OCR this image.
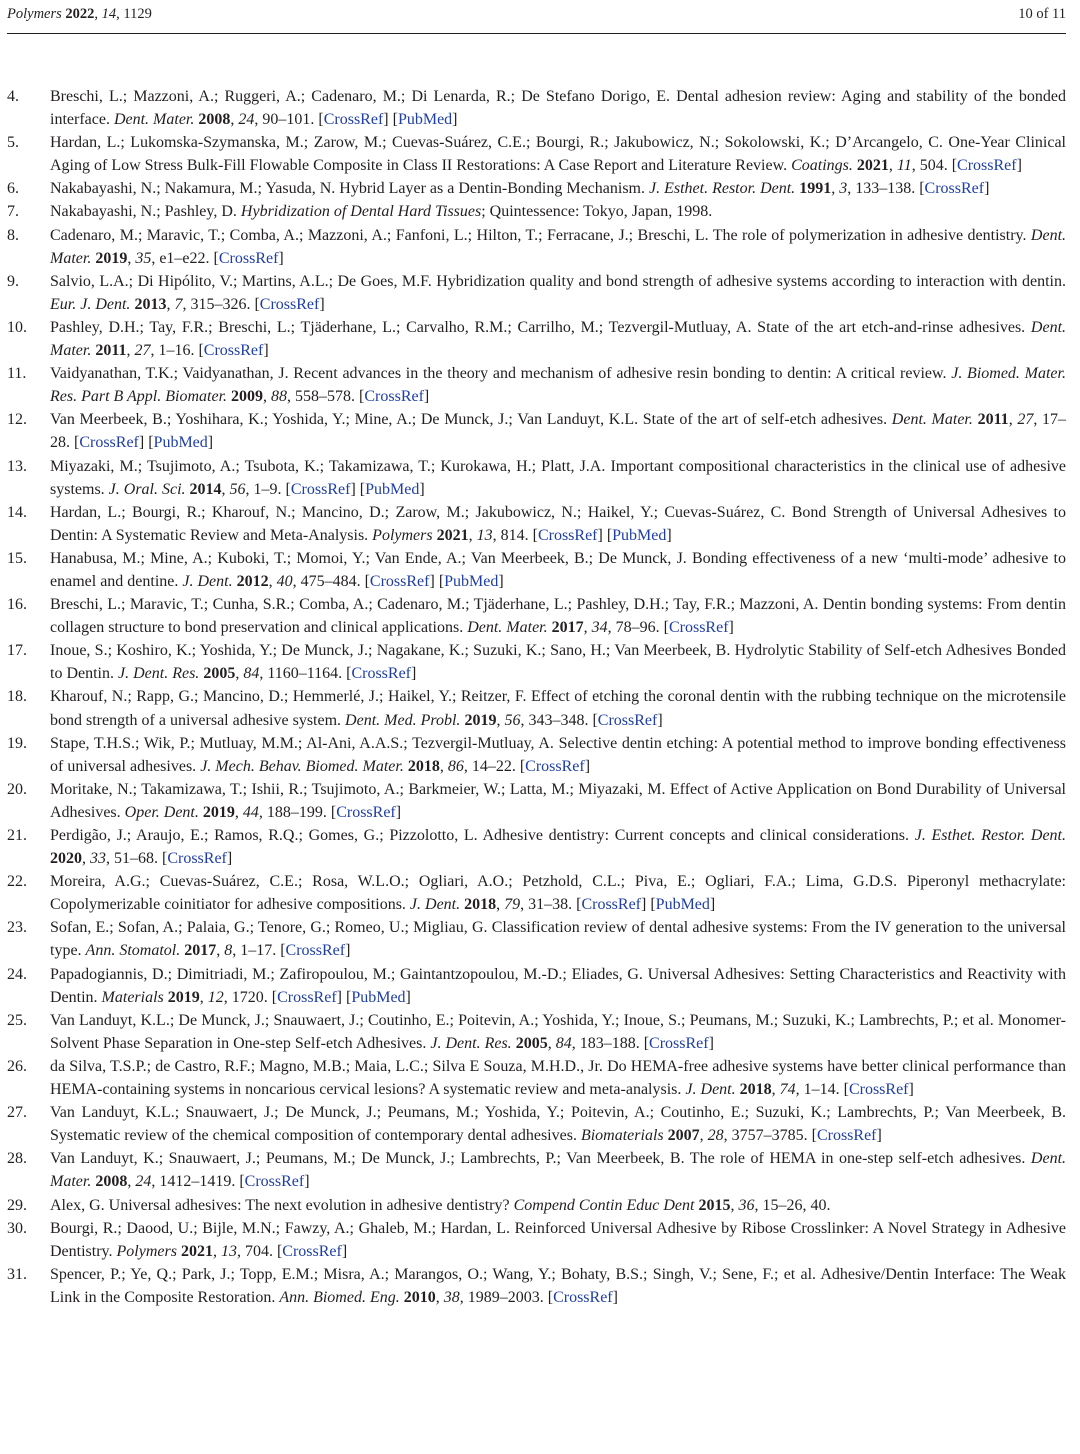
Polymers 2022, 14, 1129	10 of 11
4. Breschi, L.; Mazzoni, A.; Ruggeri, A.; Cadenaro, M.; Di Lenarda, R.; De Stefano Dorigo, E. Dental adhesion review: Aging and stability of the bonded interface. Dent. Mater. 2008, 24, 90–101. [CrossRef] [PubMed]
5. Hardan, L.; Lukomska-Szymanska, M.; Zarow, M.; Cuevas-Suárez, C.E.; Bourgi, R.; Jakubowicz, N.; Sokolowski, K.; D’Arcangelo, C. One-Year Clinical Aging of Low Stress Bulk-Fill Flowable Composite in Class II Restorations: A Case Report and Literature Review. Coatings. 2021, 11, 504. [CrossRef]
6. Nakabayashi, N.; Nakamura, M.; Yasuda, N. Hybrid Layer as a Dentin-Bonding Mechanism. J. Esthet. Restor. Dent. 1991, 3, 133–138. [CrossRef]
7. Nakabayashi, N.; Pashley, D. Hybridization of Dental Hard Tissues; Quintessence: Tokyo, Japan, 1998.
8. Cadenaro, M.; Maravic, T.; Comba, A.; Mazzoni, A.; Fanfoni, L.; Hilton, T.; Ferracane, J.; Breschi, L. The role of polymerization in adhesive dentistry. Dent. Mater. 2019, 35, e1–e22. [CrossRef]
9. Salvio, L.A.; Di Hipólito, V.; Martins, A.L.; De Goes, M.F. Hybridization quality and bond strength of adhesive systems according to interaction with dentin. Eur. J. Dent. 2013, 7, 315–326. [CrossRef]
10. Pashley, D.H.; Tay, F.R.; Breschi, L.; Tjäderhane, L.; Carvalho, R.M.; Carrilho, M.; Tezvergil-Mutluay, A. State of the art etch-and-rinse adhesives. Dent. Mater. 2011, 27, 1–16. [CrossRef]
11. Vaidyanathan, T.K.; Vaidyanathan, J. Recent advances in the theory and mechanism of adhesive resin bonding to dentin: A critical review. J. Biomed. Mater. Res. Part B Appl. Biomater. 2009, 88, 558–578. [CrossRef]
12. Van Meerbeek, B.; Yoshihara, K.; Yoshida, Y.; Mine, A.; De Munck, J.; Van Landuyt, K.L. State of the art of self-etch adhesives. Dent. Mater. 2011, 27, 17–28. [CrossRef] [PubMed]
13. Miyazaki, M.; Tsujimoto, A.; Tsubota, K.; Takamizawa, T.; Kurokawa, H.; Platt, J.A. Important compositional characteristics in the clinical use of adhesive systems. J. Oral. Sci. 2014, 56, 1–9. [CrossRef] [PubMed]
14. Hardan, L.; Bourgi, R.; Kharouf, N.; Mancino, D.; Zarow, M.; Jakubowicz, N.; Haikel, Y.; Cuevas-Suárez, C. Bond Strength of Universal Adhesives to Dentin: A Systematic Review and Meta-Analysis. Polymers 2021, 13, 814. [CrossRef] [PubMed]
15. Hanabusa, M.; Mine, A.; Kuboki, T.; Momoi, Y.; Van Ende, A.; Van Meerbeek, B.; De Munck, J. Bonding effectiveness of a new ‘multi-mode’ adhesive to enamel and dentine. J. Dent. 2012, 40, 475–484. [CrossRef] [PubMed]
16. Breschi, L.; Maravic, T.; Cunha, S.R.; Comba, A.; Cadenaro, M.; Tjäderhane, L.; Pashley, D.H.; Tay, F.R.; Mazzoni, A. Dentin bonding systems: From dentin collagen structure to bond preservation and clinical applications. Dent. Mater. 2017, 34, 78–96. [CrossRef]
17. Inoue, S.; Koshiro, K.; Yoshida, Y.; De Munck, J.; Nagakane, K.; Suzuki, K.; Sano, H.; Van Meerbeek, B. Hydrolytic Stability of Self-etch Adhesives Bonded to Dentin. J. Dent. Res. 2005, 84, 1160–1164. [CrossRef]
18. Kharouf, N.; Rapp, G.; Mancino, D.; Hemmerlé, J.; Haikel, Y.; Reitzer, F. Effect of etching the coronal dentin with the rubbing technique on the microtensile bond strength of a universal adhesive system. Dent. Med. Probl. 2019, 56, 343–348. [CrossRef]
19. Stape, T.H.S.; Wik, P.; Mutluay, M.M.; Al-Ani, A.A.S.; Tezvergil-Mutluay, A. Selective dentin etching: A potential method to improve bonding effectiveness of universal adhesives. J. Mech. Behav. Biomed. Mater. 2018, 86, 14–22. [CrossRef]
20. Moritake, N.; Takamizawa, T.; Ishii, R.; Tsujimoto, A.; Barkmeier, W.; Latta, M.; Miyazaki, M. Effect of Active Application on Bond Durability of Universal Adhesives. Oper. Dent. 2019, 44, 188–199. [CrossRef]
21. Perdigão, J.; Araujo, E.; Ramos, R.Q.; Gomes, G.; Pizzolotto, L. Adhesive dentistry: Current concepts and clinical considerations. J. Esthet. Restor. Dent. 2020, 33, 51–68. [CrossRef]
22. Moreira, A.G.; Cuevas-Suárez, C.E.; Rosa, W.L.O.; Ogliari, A.O.; Petzhold, C.L.; Piva, E.; Ogliari, F.A.; Lima, G.D.S. Piperonyl methacrylate: Copolymerizable coinitiator for adhesive compositions. J. Dent. 2018, 79, 31–38. [CrossRef] [PubMed]
23. Sofan, E.; Sofan, A.; Palaia, G.; Tenore, G.; Romeo, U.; Migliau, G. Classification review of dental adhesive systems: From the IV generation to the universal type. Ann. Stomatol. 2017, 8, 1–17. [CrossRef]
24. Papadogiannis, D.; Dimitriadi, M.; Zafiropoulou, M.; Gaintantzopoulou, M.-D.; Eliades, G. Universal Adhesives: Setting Characteristics and Reactivity with Dentin. Materials 2019, 12, 1720. [CrossRef] [PubMed]
25. Van Landuyt, K.L.; De Munck, J.; Snauwaert, J.; Coutinho, E.; Poitevin, A.; Yoshida, Y.; Inoue, S.; Peumans, M.; Suzuki, K.; Lambrechts, P.; et al. Monomer-Solvent Phase Separation in One-step Self-etch Adhesives. J. Dent. Res. 2005, 84, 183–188. [CrossRef]
26. da Silva, T.S.P.; de Castro, R.F.; Magno, M.B.; Maia, L.C.; Silva E Souza, M.H.D., Jr. Do HEMA-free adhesive systems have better clinical performance than HEMA-containing systems in noncarious cervical lesions? A systematic review and meta-analysis. J. Dent. 2018, 74, 1–14. [CrossRef]
27. Van Landuyt, K.L.; Snauwaert, J.; De Munck, J.; Peumans, M.; Yoshida, Y.; Poitevin, A.; Coutinho, E.; Suzuki, K.; Lambrechts, P.; Van Meerbeek, B. Systematic review of the chemical composition of contemporary dental adhesives. Biomaterials 2007, 28, 3757–3785. [CrossRef]
28. Van Landuyt, K.; Snauwaert, J.; Peumans, M.; De Munck, J.; Lambrechts, P.; Van Meerbeek, B. The role of HEMA in one-step self-etch adhesives. Dent. Mater. 2008, 24, 1412–1419. [CrossRef]
29. Alex, G. Universal adhesives: The next evolution in adhesive dentistry? Compend Contin Educ Dent 2015, 36, 15–26, 40.
30. Bourgi, R.; Daood, U.; Bijle, M.N.; Fawzy, A.; Ghaleb, M.; Hardan, L. Reinforced Universal Adhesive by Ribose Crosslinker: A Novel Strategy in Adhesive Dentistry. Polymers 2021, 13, 704. [CrossRef]
31. Spencer, P.; Ye, Q.; Park, J.; Topp, E.M.; Misra, A.; Marangos, O.; Wang, Y.; Bohaty, B.S.; Singh, V.; Sene, F.; et al. Adhesive/Dentin Interface: The Weak Link in the Composite Restoration. Ann. Biomed. Eng. 2010, 38, 1989–2003. [CrossRef]
